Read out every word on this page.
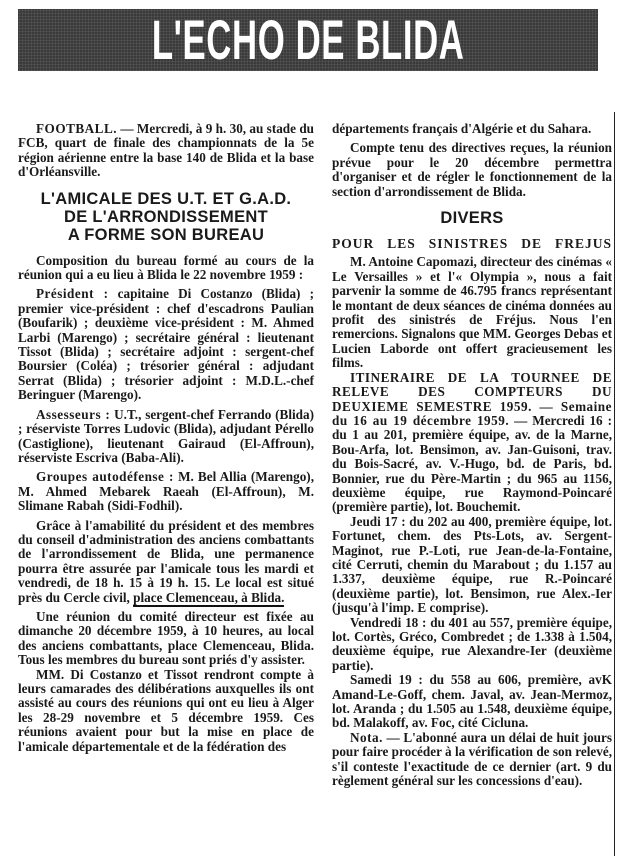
L'ECHO DE BLIDA

FOOTBALL. — Mercredi, à 9 h. 30, au stade du FCB, quart de finale des championnats de la 5e région aérienne entre la base 140 de Blida et la base d'Orléansville.

L'AMICALE DES U.T. ET G.A.D.
DE L'ARRONDISSEMENT
A FORME SON BUREAU

Composition du bureau formé au cours de la réunion qui a eu lieu à Blida le 22 novembre 1959 :

Président : capitaine Di Costanzo (Blida) ; premier vice-président : chef d'escadrons Paulian (Boufarik) ; deuxième vice-président : M. Ahmed Larbi (Marengo) ; secrétaire général : lieutenant Tissot (Blida) ; secrétaire adjoint : sergent-chef Boursier (Coléa) ; trésorier général : adjudant Serrat (Blida) ; trésorier adjoint : M.D.L.-chef Beringuer (Marengo).

Assesseurs : U.T., sergent-chef Ferrando (Blida) ; réserviste Torres Ludovic (Blida), adjudant Pérello (Castiglione), lieutenant Gairaud (El-Affroun), réserviste Escriva (Baba-Ali).

Groupes autodéfense : M. Bel Allia (Marengo), M. Ahmed Mebarek Raeah (El-Affroun), M. Slimane Rabah (Sidi-Fodhil).

Grâce à l'amabilité du président et des membres du conseil d'administration des anciens combattants de l'arrondissement de Blida, une permanence pourra être assurée par l'amicale tous les mardi et vendredi, de 18 h. 15 à 19 h. 15. Le local est situé près du Cercle civil, place Clemenceau, à Blida.

Une réunion du comité directeur est fixée au dimanche 20 décembre 1959, à 10 heures, au local des anciens combattants, place Clemenceau, Blida. Tous les membres du bureau sont priés d'y assister.

MM. Di Costanzo et Tissot rendront compte à leurs camarades des délibérations auxquelles ils ont assisté au cours des réunions qui ont eu lieu à Alger les 28-29 novembre et 5 décembre 1959. Ces réunions avaient pour but la mise en place de l'amicale départementale et de la fédération des

départements français d'Algérie et du Sahara.

Compte tenu des directives reçues, la réunion prévue pour le 20 décembre permettra d'organiser et de régler le fonctionnement de la section d'arrondissement de Blida.

DIVERS
POUR LES SINISTRES DE FREJUS

M. Antoine Capomazi, directeur des cinémas « Le Versailles » et l'« Olympia », nous a fait parvenir la somme de 46.795 francs représentant le montant de deux séances de cinéma données au profit des sinistrés de Fréjus. Nous l'en remercions. Signalons que MM. Georges Debas et Lucien Laborde ont offert gracieusement les films.

ITINERAIRE DE LA TOURNEE DE RELEVE DES COMPTEURS DU DEUXIEME SEMESTRE 1959. — Semaine du 16 au 19 décembre 1959. — Mercredi 16 : du 1 au 201, première équipe, av. de la Marne, Bou-Arfa, lot. Bensimon, av. Jan-Guisoni, trav. du Bois-Sacré, av. V.-Hugo, bd. de Paris, bd. Bonnier, rue du Père-Martin ; du 965 au 1156, deuxième équipe, rue Raymond-Poincaré (première partie), lot. Bouchemit.

Jeudi 17 : du 202 au 400, première équipe, lot. Fortunet, chem. des Pts-Lots, av. Sergent-Maginot, rue P.-Loti, rue Jean-de-la-Fontaine, cité Cerruti, chemin du Marabout ; du 1.157 au 1.337, deuxième équipe, rue R.-Poincaré (deuxième partie), lot. Bensimon, rue Alex.-Ier (jusqu'à l'imp. E comprise).

Vendredi 18 : du 401 au 557, première équipe, lot. Cortès, Gréco, Combredet ; de 1.338 à 1.504, deuxième équipe, rue Alexandre-Ier (deuxième partie).

Samedi 19 : du 558 au 606, première, avK Amand-Le-Goff, chem. Javal, av. Jean-Mermoz, lot. Aranda ; du 1.505 au 1.548, deuxième équipe, bd. Malakoff, av. Foc, cité Cicluna.

Nota. — L'abonné aura un délai de huit jours pour faire procéder à la vérification de son relevé, s'il conteste l'exactitude de ce dernier (art. 9 du règlement général sur les concessions d'eau).
